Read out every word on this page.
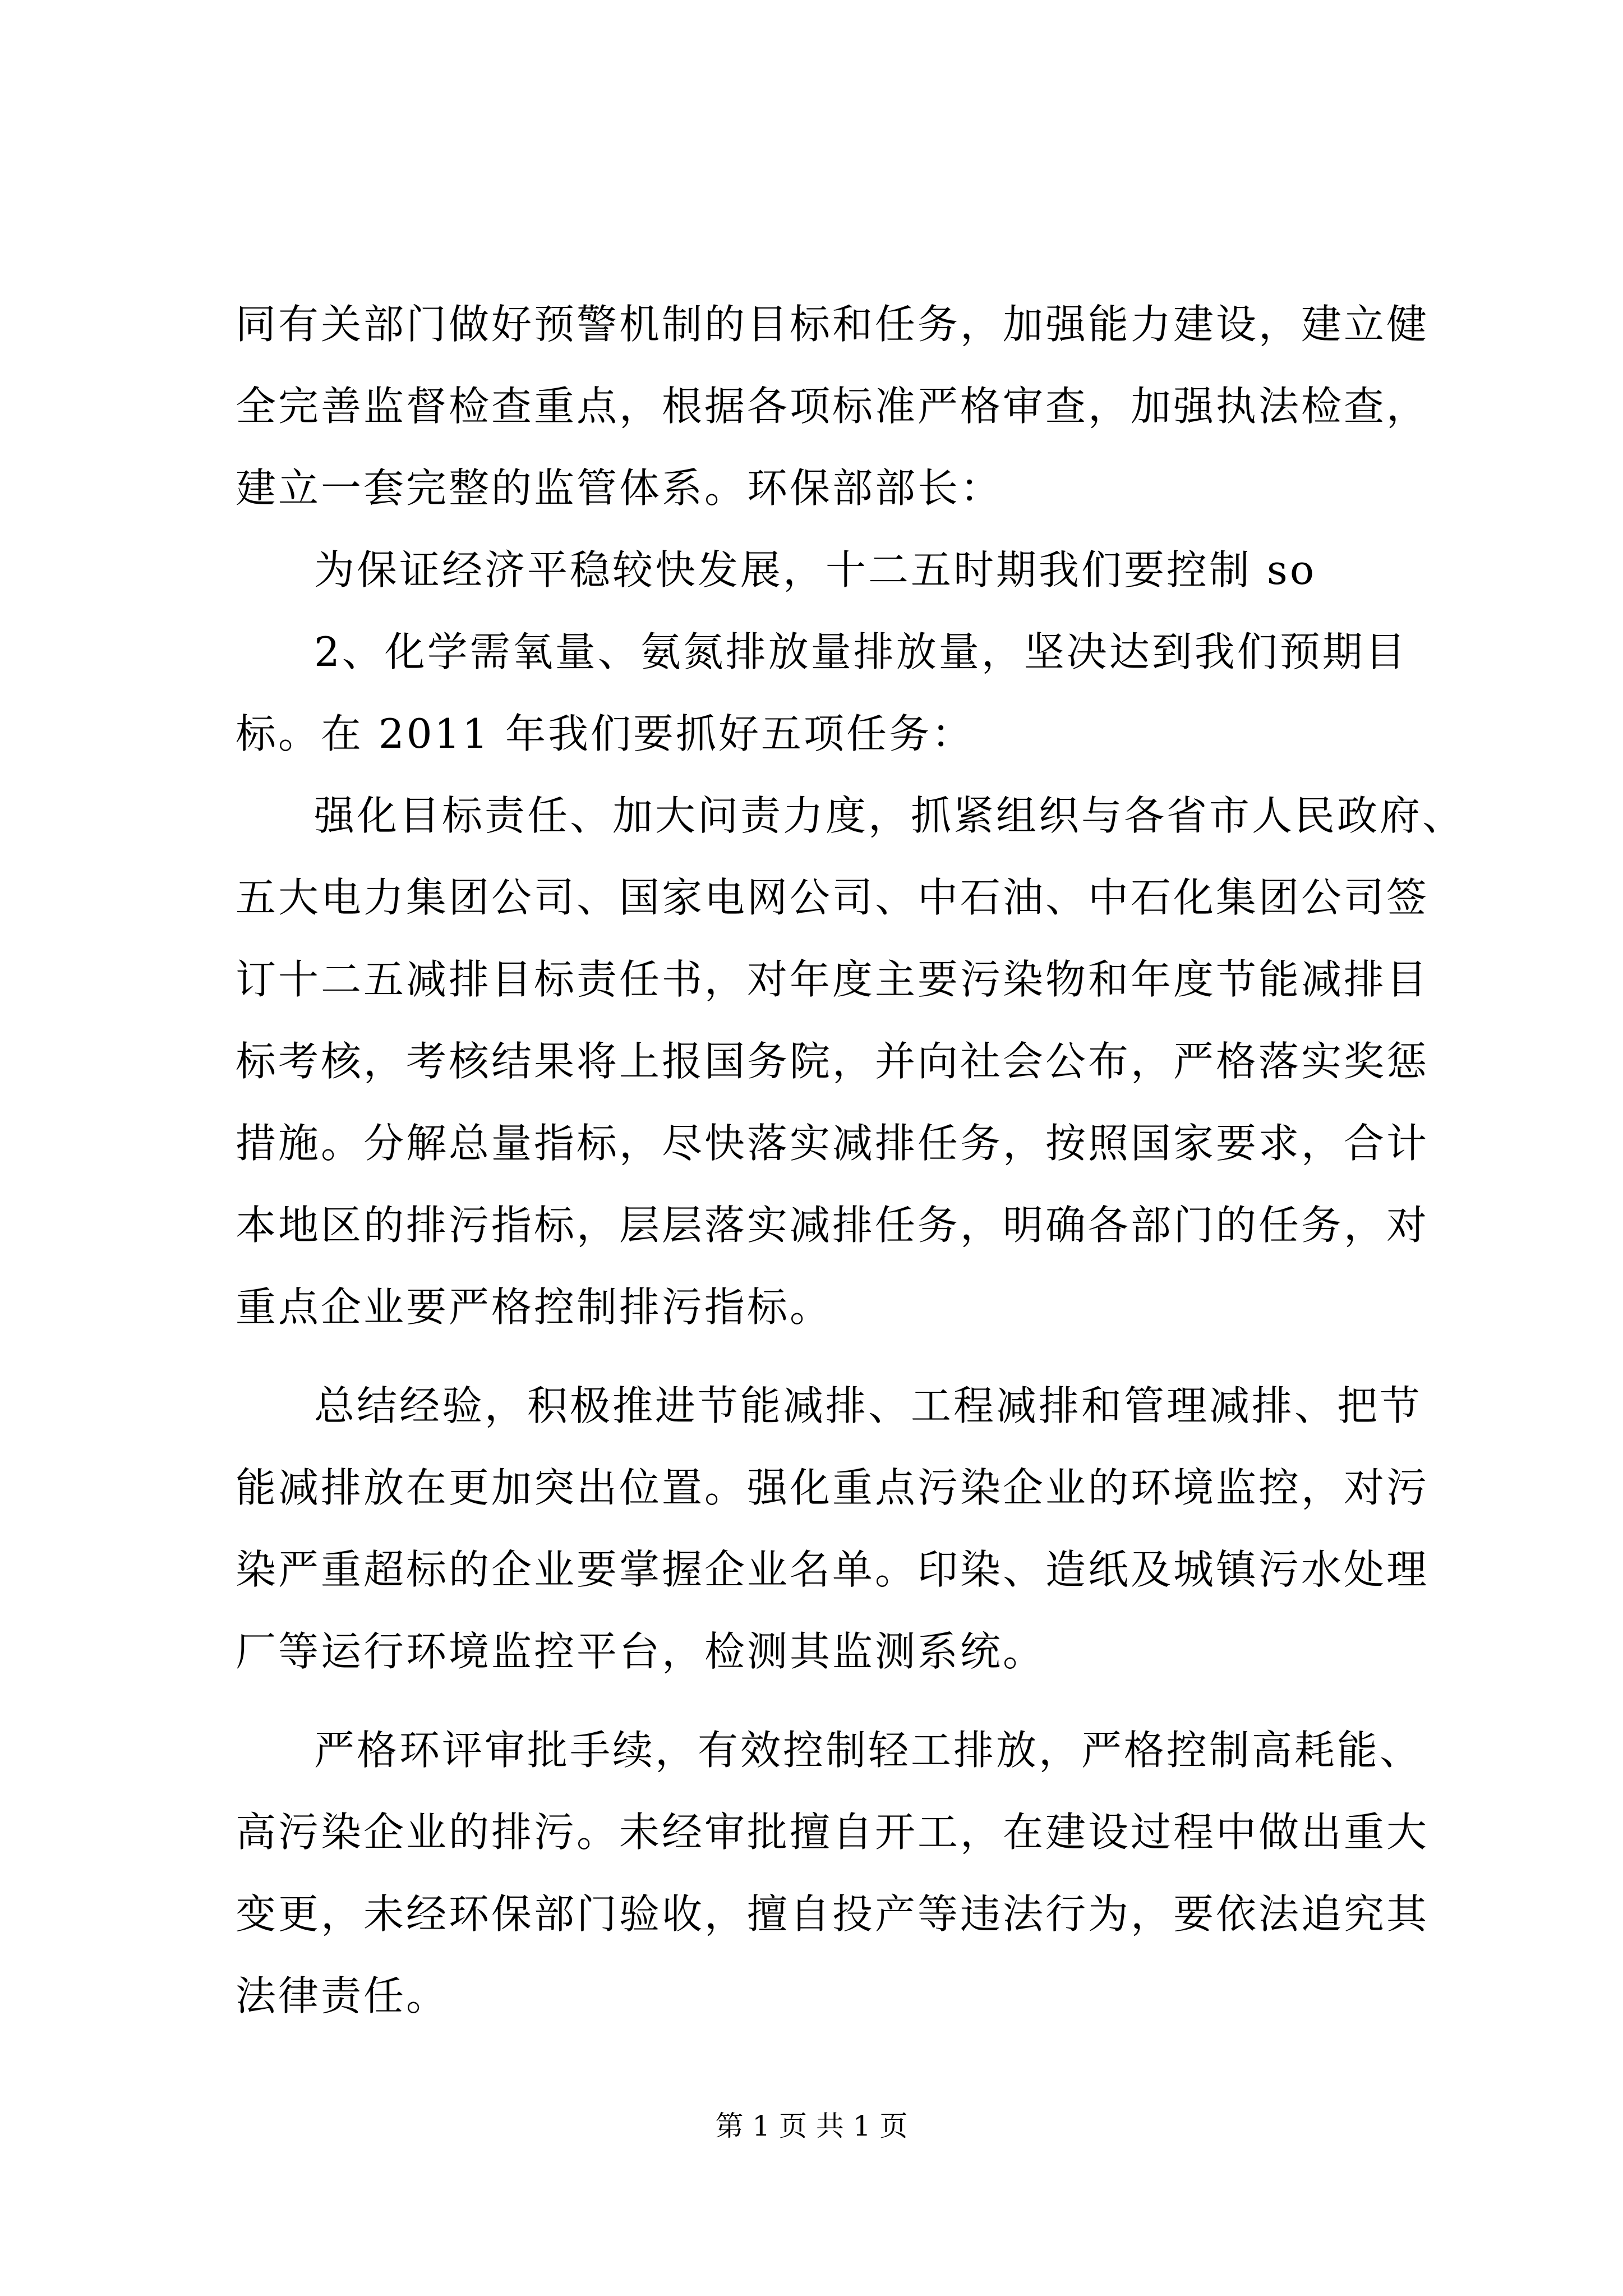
同有关部门做好预警机制的目标和任务，加强能力建设，建立健
全完善监督检查重点，根据各项标准严格审查，加强执法检查，
建立一套完整的监管体系。环保部部长：
为保证经济平稳较快发展，十二五时期我们要控制 so
2、化学需氧量、氨氮排放量排放量，坚决达到我们预期目
标。在 2011 年我们要抓好五项任务：
强化目标责任、加大问责力度，抓紧组织与各省市人民政府、
五大电力集团公司、国家电网公司、中石油、中石化集团公司签
订十二五减排目标责任书，对年度主要污染物和年度节能减排目
标考核，考核结果将上报国务院，并向社会公布，严格落实奖惩
措施。分解总量指标，尽快落实减排任务，按照国家要求，合计
本地区的排污指标，层层落实减排任务，明确各部门的任务，对
重点企业要严格控制排污指标。
总结经验，积极推进节能减排、工程减排和管理减排、把节
能减排放在更加突出位置。强化重点污染企业的环境监控，对污
染严重超标的企业要掌握企业名单。印染、造纸及城镇污水处理
厂等运行环境监控平台，检测其监测系统。
严格环评审批手续，有效控制轻工排放，严格控制高耗能、
高污染企业的排污。未经审批擅自开工，在建设过程中做出重大
变更，未经环保部门验收，擅自投产等违法行为，要依法追究其
法律责任。
第 1 页 共 1 页
